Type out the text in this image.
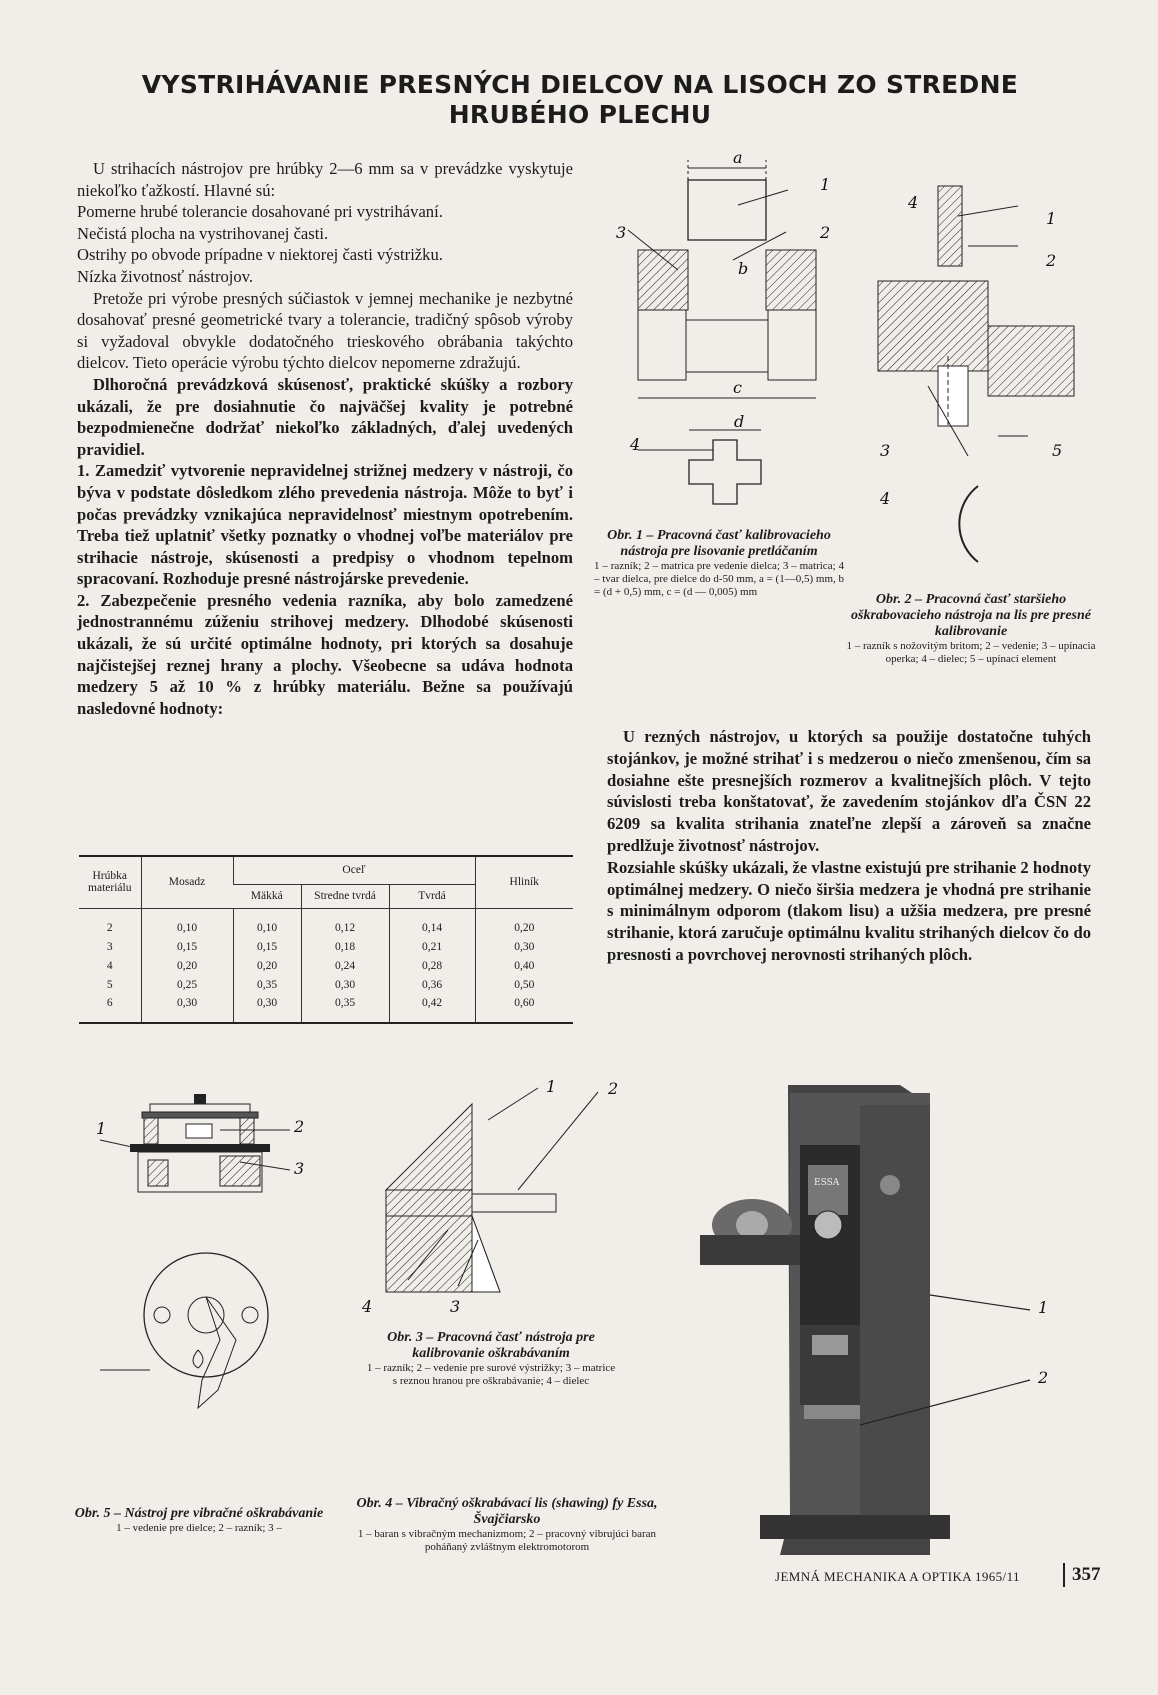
VYSTRIHÁVANIE PRESNÝCH DIELCOV NA LISOCH ZO STREDNE HRUBÉHO PLECHU

U strihacích nástrojov pre hrúbky 2—6 mm sa v prevádzke vyskytuje niekoľko ťažkostí. Hlavné sú:

Pomerne hrubé tolerancie dosahované pri vystrihávaní.

Nečistá plocha na vystrihovanej časti.

Ostrihy po obvode prípadne v niektorej časti výstrižku.

Nízka životnosť nástrojov.

Pretože pri výrobe presných súčiastok v jemnej mechanike je nezbytné dosahovať presné geometrické tvary a tolerancie, tradičný spôsob výroby si vyžadoval obvykle dodatočného trieskového obrábania takýchto dielcov. Tieto operácie výrobu týchto dielcov nepomerne zdražujú.

Dlhoročná prevádzková skúsenosť, praktické skúšky a rozbory ukázali, že pre dosiahnutie čo najväčšej kvality je potrebné bezpodmienečne dodržať niekoľko základných, ďalej uvedených pravidiel.

1. Zamedziť vytvorenie nepravidelnej strižnej medzery v nástroji, čo býva v podstate dôsledkom zlého prevedenia nástroja. Môže to byť i počas prevádzky vznikajúca nepravidelnosť miestnym opotrebením. Treba tiež uplatniť všetky poznatky o vhodnej voľbe materiálov pre strihacie nástroje, skúsenosti a predpisy o vhodnom tepelnom spracovaní. Rozhoduje presné nástrojárske prevedenie.

2. Zabezpečenie presného vedenia razníka, aby bolo zamedzené jednostrannému zúženiu strihovej medzery. Dlhodobé skúsenosti ukázali, že sú určité optimálne hodnoty, pri ktorých sa dosahuje najčistejšej reznej hrany a plochy. Všeobecne sa udáva hodnota medzery 5 až 10 % z hrúbky materiálu. Bežne sa používajú nasledovné hodnoty:

Hrúbka materiálu	Mosadz	Oceľ			Hliník
		Mäkká	Stredne tvrdá	Tvrdá	
2	0,10	0,10	0,12	0,14	0,20
3	0,15	0,15	0,18	0,21	0,30
4	0,20	0,20	0,24	0,28	0,40
5	0,25	0,35	0,30	0,36	0,50
6	0,30	0,30	0,35	0,42	0,60

U rezných nástrojov, u ktorých sa použije dostatočne tuhých stojánkov, je možné strihať i s medzerou o niečo zmenšenou, čím sa dosiahne ešte presnejších rozmerov a kvalitnejších plôch. V tejto súvislosti treba konštatovať, že zavedením stojánkov dľa ČSN 22 6209 sa kvalita strihania znateľne zlepší a zároveň sa značne predlžuje životnosť nástrojov.

Rozsiahle skúšky ukázali, že vlastne existujú pre strihanie 2 hodnoty optimálnej medzery. O niečo širšia medzera je vhodná pre strihanie s minimálnym odporom (tlakom lisu) a užšia medzera, pre presné strihanie, ktorá zaručuje optimálnu kvalitu strihaných dielcov čo do presnosti a povrchovej nerovnosti strihaných plôch.

a
1
2
3
b
c
d
4
Obr. 1 – Pracovná časť kalibrovacieho nástroja pre lisovanie pretláčaním
1 – razník; 2 – matrica pre vedenie dielca; 3 – matrica; 4 – tvar dielca, pre dielce do d-50 mm, a = (1—0,5) mm, b = (d + 0,5) mm, c = (d — 0,005) mm
4
1
2
3	5
4
Obr. 2 – Pracovná časť staršieho oškrabovacieho nástroja na lis pre presné kalibrovanie
1 – razník s nožovitým britom; 2 – vedenie; 3 – upínacia operka; 4 – dielec; 5 – upínací element
1	2
4	3
Obr. 3 – Pracovná časť nástroja pre kalibrovanie oškrabávaním
1 – razník; 2 – vedenie pre surové výstrižky; 3 – matrice s reznou hranou pre oškrabávanie; 4 – dielec
1	2
3
Obr. 5 – Nástroj pre vibračné oškrabávanie
1 – vedenie pre dielce; 2 – razník; 3 –
ESSA
1
2
Obr. 4 – Vibračný oškrabávací lis (shawing) fy Essa, Švajčiarsko
1 – baran s vibračným mechanizmom; 2 – pracovný vibrujúci baran poháňaný zvláštnym elektromotorom
JEMNÁ MECHANIKA A OPTIKA 1965/11	357
